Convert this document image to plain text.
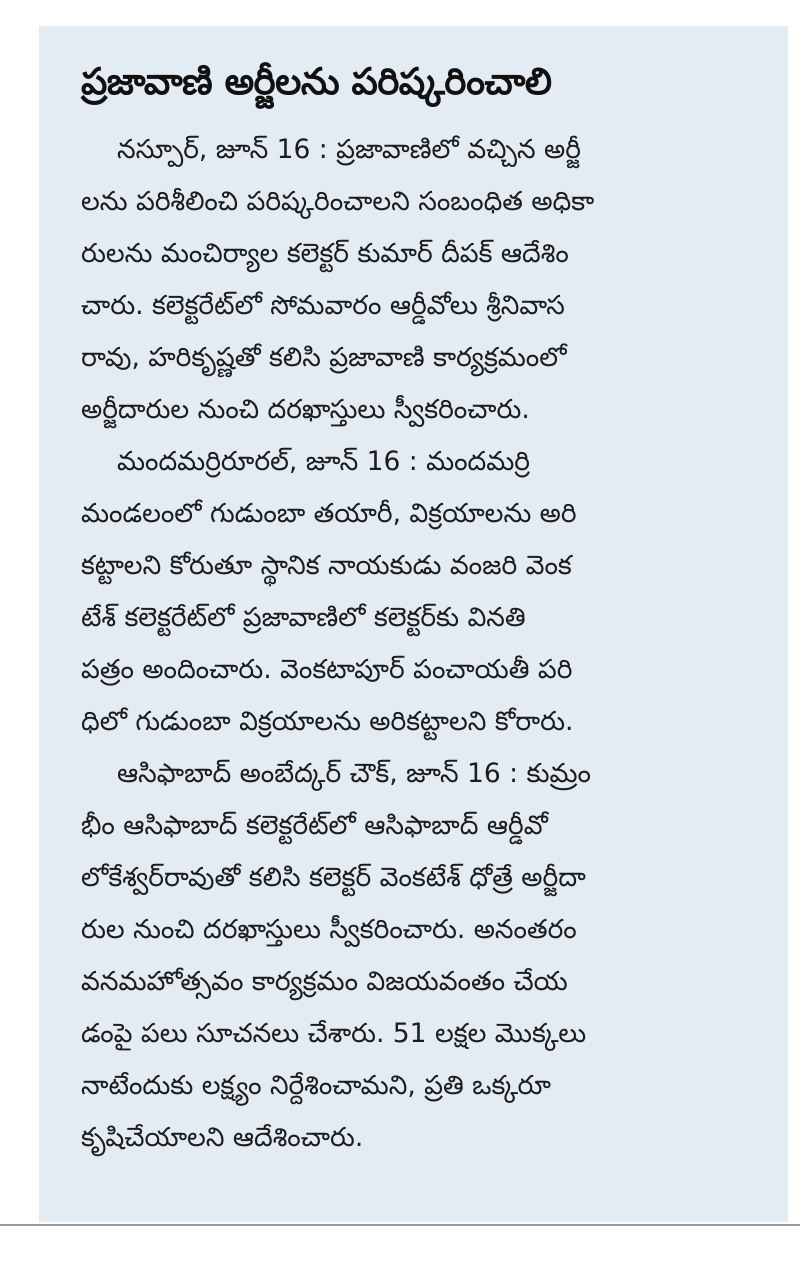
ప్రజావాణి అర్జీలను పరిష్కరించాలి

నస్పూర్, జూన్ 16 : ప్రజావాణిలో వచ్చిన అర్జీ
లను పరిశీలించి పరిష్కరించాలని సంబంధిత అధికా
రులను మంచిర్యాల కలెక్టర్ కుమార్ దీపక్ ఆదేశిం
చారు. కలెక్టరేట్‌లో సోమవారం ఆర్డీవోలు శ్రీనివాస
రావు, హరికృష్ణతో కలిసి ప్రజావాణి కార్యక్రమంలో
అర్జీదారుల నుంచి దరఖాస్తులు స్వీకరించారు.

మందమర్రిరూరల్, జూన్ 16 : మందమర్రి
మండలంలో గుడుంబా తయారీ, విక్రయాలను అరి
కట్టాలని కోరుతూ స్థానిక నాయకుడు వంజరి వెంక
టేశ్ కలెక్టరేట్‌లో ప్రజావాణిలో కలెక్టర్‌కు వినతి
పత్రం అందించారు. వెంకటాపూర్ పంచాయతీ పరి
ధిలో గుడుంబా విక్రయాలను అరికట్టాలని కోరారు.

ఆసిఫాబాద్ అంబేద్కర్ చౌక్, జూన్ 16 : కుమ్రం
భీం ఆసిఫాబాద్ కలెక్టరేట్‌లో ఆసిఫాబాద్ ఆర్డీవో
లోకేశ్వర్‌రావుతో కలిసి కలెక్టర్ వెంకటేశ్ ధోత్రే అర్జీదా
రుల నుంచి దరఖాస్తులు స్వీకరించారు. అనంతరం
వనమహోత్సవం కార్యక్రమం విజయవంతం చేయ
డంపై పలు సూచనలు చేశారు. 51 లక్షల మొక్కలు
నాటేందుకు లక్ష్యం నిర్దేశించామని, ప్రతి ఒక్కరూ
కృషిచేయాలని ఆదేశించారు.
